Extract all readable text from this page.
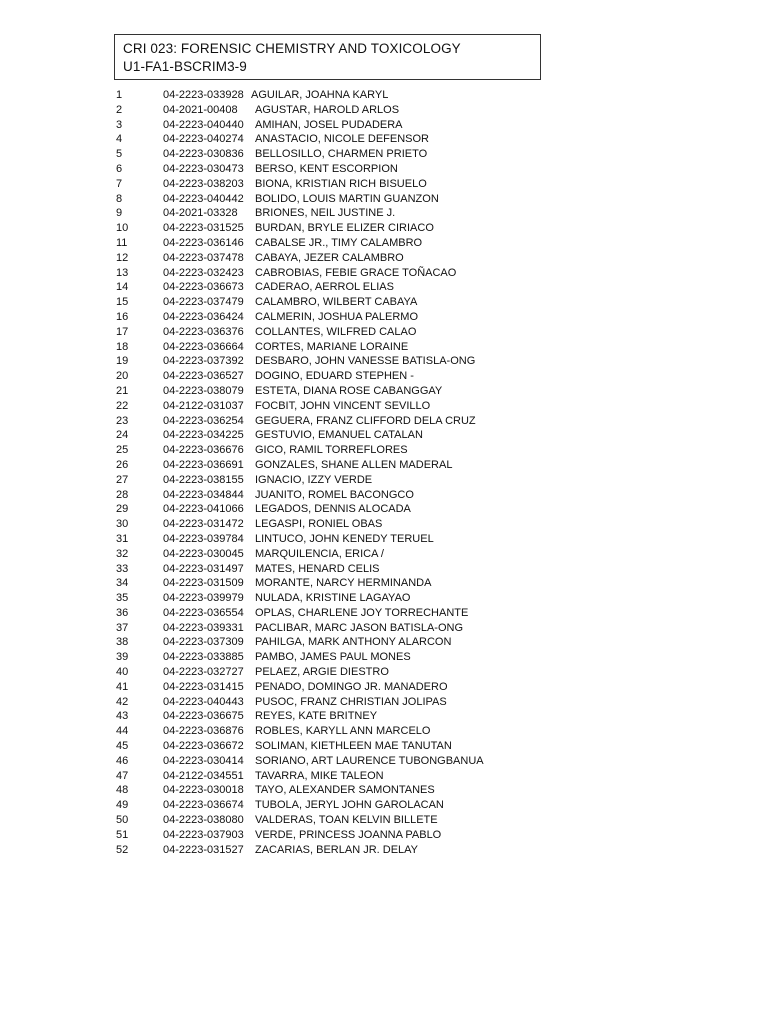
CRI 023: FORENSIC CHEMISTRY AND TOXICOLOGY
U1-FA1-BSCRIM3-9
1	04-2223-033928 AGUILAR, JOAHNA KARYL
2	04-2021-00408 AGUSTAR, HAROLD ARLOS
3	04-2223-040440 AMIHAN, JOSEL PUDADERA
4	04-2223-040274 ANASTACIO, NICOLE DEFENSOR
5	04-2223-030836 BELLOSILLO, CHARMEN PRIETO
6	04-2223-030473 BERSO, KENT ESCORPION
7	04-2223-038203 BIONA, KRISTIAN RICH BISUELO
8	04-2223-040442 BOLIDO, LOUIS MARTIN GUANZON
9	04-2021-03328 BRIONES, NEIL JUSTINE J.
10	04-2223-031525 BURDAN, BRYLE ELIZER CIRIACO
11	04-2223-036146 CABALSE JR., TIMY CALAMBRO
12	04-2223-037478 CABAYA, JEZER CALAMBRO
13	04-2223-032423 CABROBIAS, FEBIE GRACE TOÑACAO
14	04-2223-036673 CADERAO, AERROL ELIAS
15	04-2223-037479 CALAMBRO, WILBERT CABAYA
16	04-2223-036424 CALMERIN, JOSHUA PALERMO
17	04-2223-036376 COLLANTES, WILFRED CALAO
18	04-2223-036664 CORTES, MARIANE LORAINE
19	04-2223-037392 DESBARO, JOHN VANESSE BATISLA-ONG
20	04-2223-036527 DOGINO, EDUARD STEPHEN -
21	04-2223-038079 ESTETA, DIANA ROSE CABANGGAY
22	04-2122-031037 FOCBIT, JOHN VINCENT SEVILLO
23	04-2223-036254 GEGUERA, FRANZ CLIFFORD DELA CRUZ
24	04-2223-034225 GESTUVIO, EMANUEL CATALAN
25	04-2223-036676 GICO, RAMIL TORREFLORES
26	04-2223-036691 GONZALES, SHANE ALLEN MADERAL
27	04-2223-038155 IGNACIO, IZZY VERDE
28	04-2223-034844 JUANITO, ROMEL BACONGCO
29	04-2223-041066 LEGADOS, DENNIS ALOCADA
30	04-2223-031472 LEGASPI, RONIEL OBAS
31	04-2223-039784 LINTUCO, JOHN KENEDY TERUEL
32	04-2223-030045 MARQUILENCIA, ERICA /
33	04-2223-031497 MATES, HENARD CELIS
34	04-2223-031509 MORANTE, NARCY HERMINANDA
35	04-2223-039979 NULADA, KRISTINE LAGAYAO
36	04-2223-036554 OPLAS, CHARLENE JOY TORRECHANTE
37	04-2223-039331 PACLIBAR, MARC JASON BATISLA-ONG
38	04-2223-037309 PAHILGA, MARK ANTHONY ALARCON
39	04-2223-033885 PAMBO, JAMES PAUL MONES
40	04-2223-032727 PELAEZ, ARGIE DIESTRO
41	04-2223-031415 PENADO, DOMINGO JR. MANADERO
42	04-2223-040443 PUSOC, FRANZ CHRISTIAN JOLIPAS
43	04-2223-036675 REYES, KATE BRITNEY
44	04-2223-036876 ROBLES, KARYLL ANN MARCELO
45	04-2223-036672 SOLIMAN, KIETHLEEN MAE TANUTAN
46	04-2223-030414 SORIANO, ART LAURENCE TUBONGBANUA
47	04-2122-034551 TAVARRA, MIKE TALEON
48	04-2223-030018 TAYO, ALEXANDER SAMONTANES
49	04-2223-036674 TUBOLA, JERYL JOHN GAROLACAN
50	04-2223-038080 VALDERAS, TOAN KELVIN BILLETE
51	04-2223-037903 VERDE, PRINCESS JOANNA PABLO
52	04-2223-031527 ZACARIAS, BERLAN JR. DELAY
